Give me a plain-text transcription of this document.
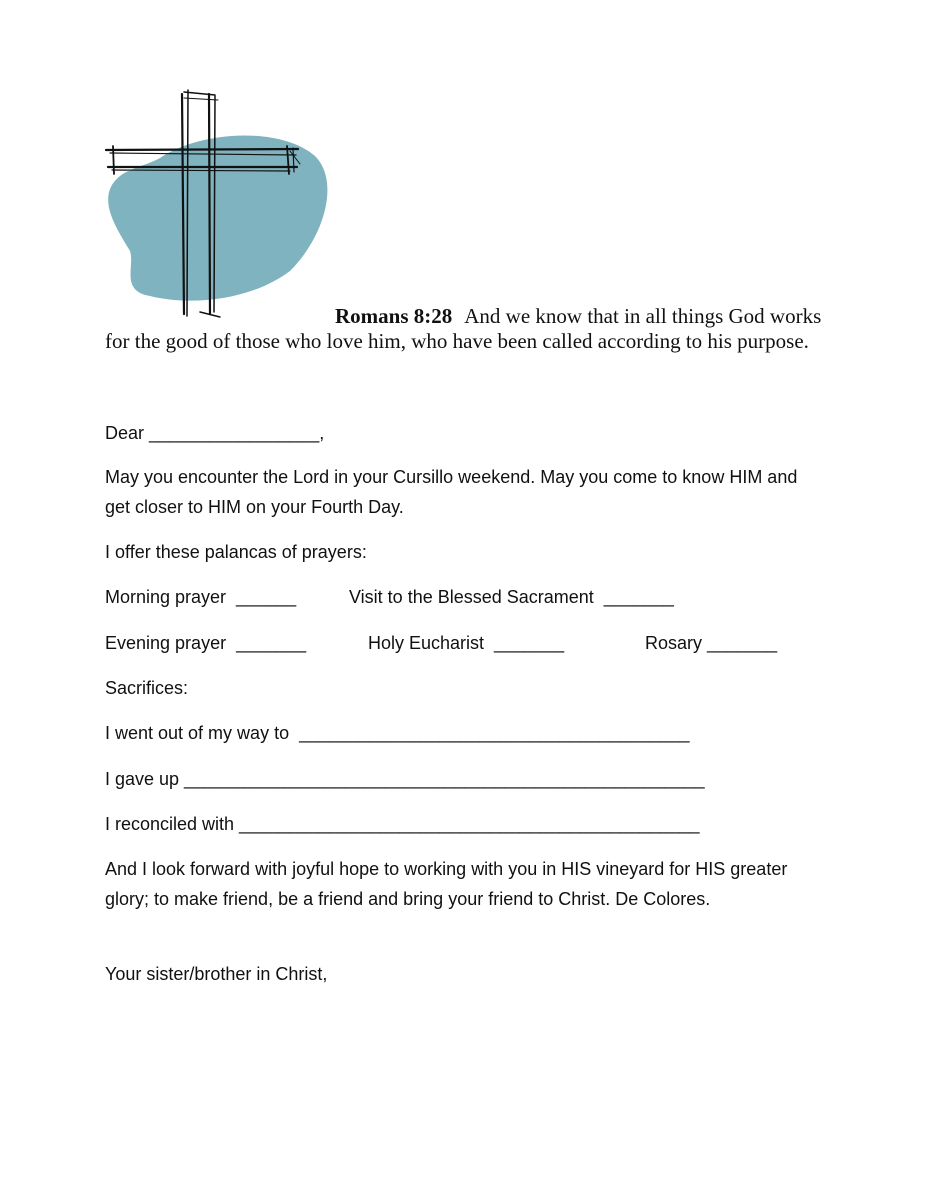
Romans 8:28 And we know that in all things God works for the good of those who love him, who have been called according to his purpose.
Dear _________________,
May you encounter the Lord in your Cursillo weekend. May you come to know HIM and get closer to HIM on your Fourth Day.
I offer these palancas of prayers:
Morning prayer  ______	Visit to the Blessed Sacrament  _______
Evening prayer  _______	Holy Eucharist  _______	Rosary _______
Sacrifices:
I went out of my way to  _______________________________________
I gave up ____________________________________________________
I reconciled with ______________________________________________
And I look forward with joyful hope to working with you in HIS vineyard for HIS greater glory; to make friend, be a friend and bring your friend to Christ. De Colores.
Your sister/brother in Christ,
